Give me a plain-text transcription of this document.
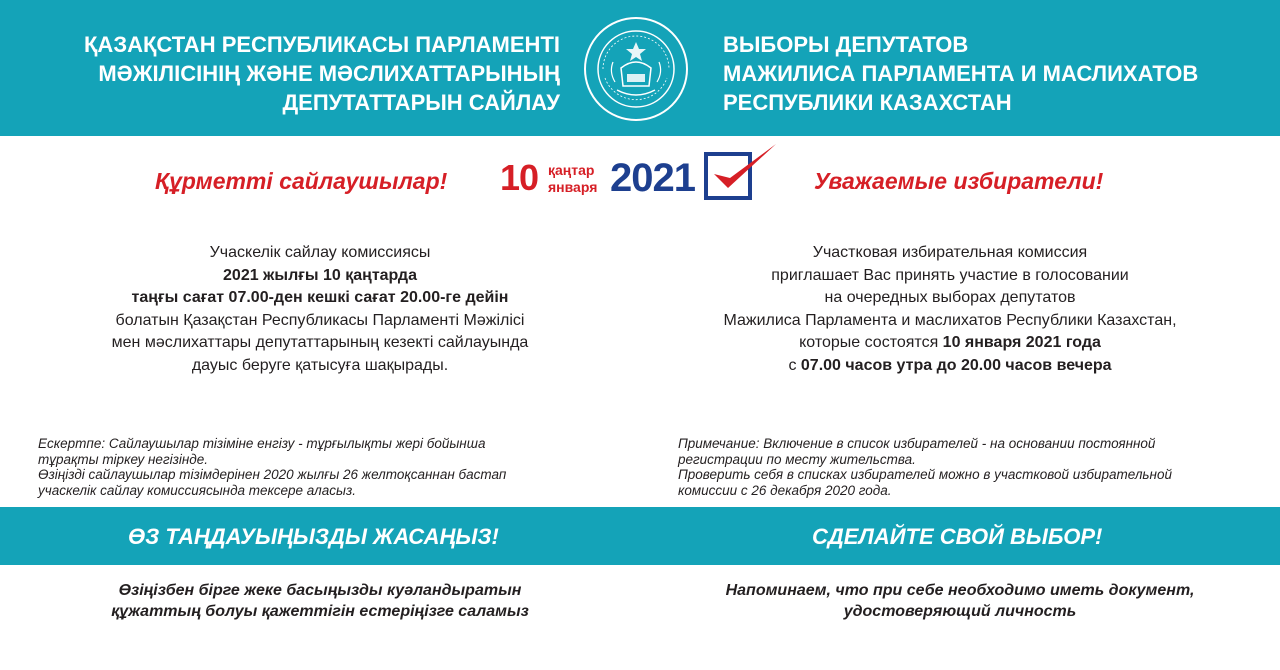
ҚАЗАҚСТАН РЕСПУБЛИКАСЫ ПАРЛАМЕНТІ
МӘЖІЛІСІНІҢ ЖӘНЕ МӘСЛИХАТТАРЫНЫҢ
ДЕПУТАТТАРЫН САЙЛАУ
ВЫБОРЫ ДЕПУТАТОВ
МАЖИЛИСА ПАРЛАМЕНТА И МАСЛИХАТОВ
РЕСПУБЛИКИ КАЗАХСТАН
Құрметті сайлаушылар! 10 қаңтар
января 2021	Уважаемые избиратели!
Учаскелік сайлау комиссиясы
2021 жылғы 10 қаңтарда
таңғы сағат 07.00-ден кешкі сағат 20.00-ге дейін
болатын Қазақстан Республикасы Парламенті Мәжілісі
мен мәслихаттары депутаттарының кезекті сайлауында
дауыс беруге қатысуға шақырады.
Участковая избирательная комиссия
приглашает Вас принять участие в голосовании
на очередных выборах депутатов
Мажилиса Парламента и маслихатов Республики Казахстан,
которые состоятся 10 января 2021 года
с 07.00 часов утра до 20.00 часов вечера
Ескертпе: Сайлаушылар тізіміне енгізу - тұрғылықты жері бойынша
тұрақты тіркеу негізінде.
Өзіңізді сайлаушылар тізімдерінен 2020 жылғы 26 желтоқсаннан бастап
учаскелік сайлау комиссиясында тексере аласыз.
Примечание: Включение в список избирателей - на основании постоянной
регистрации по месту жительства.
Проверить себя в списках избирателей можно в участковой избирательной
комиссии с 26 декабря 2020 года.
ӨЗ ТАҢДАУЫҢЫЗДЫ ЖАСАҢЫЗ!	СДЕЛАЙТЕ СВОЙ ВЫБОР!
Өзіңізбен бірге жеке басыңызды куәландыратын
құжаттың болуы қажеттігін естеріңізге саламыз
Напоминаем, что при себе необходимо иметь документ,
удостоверяющий личность
